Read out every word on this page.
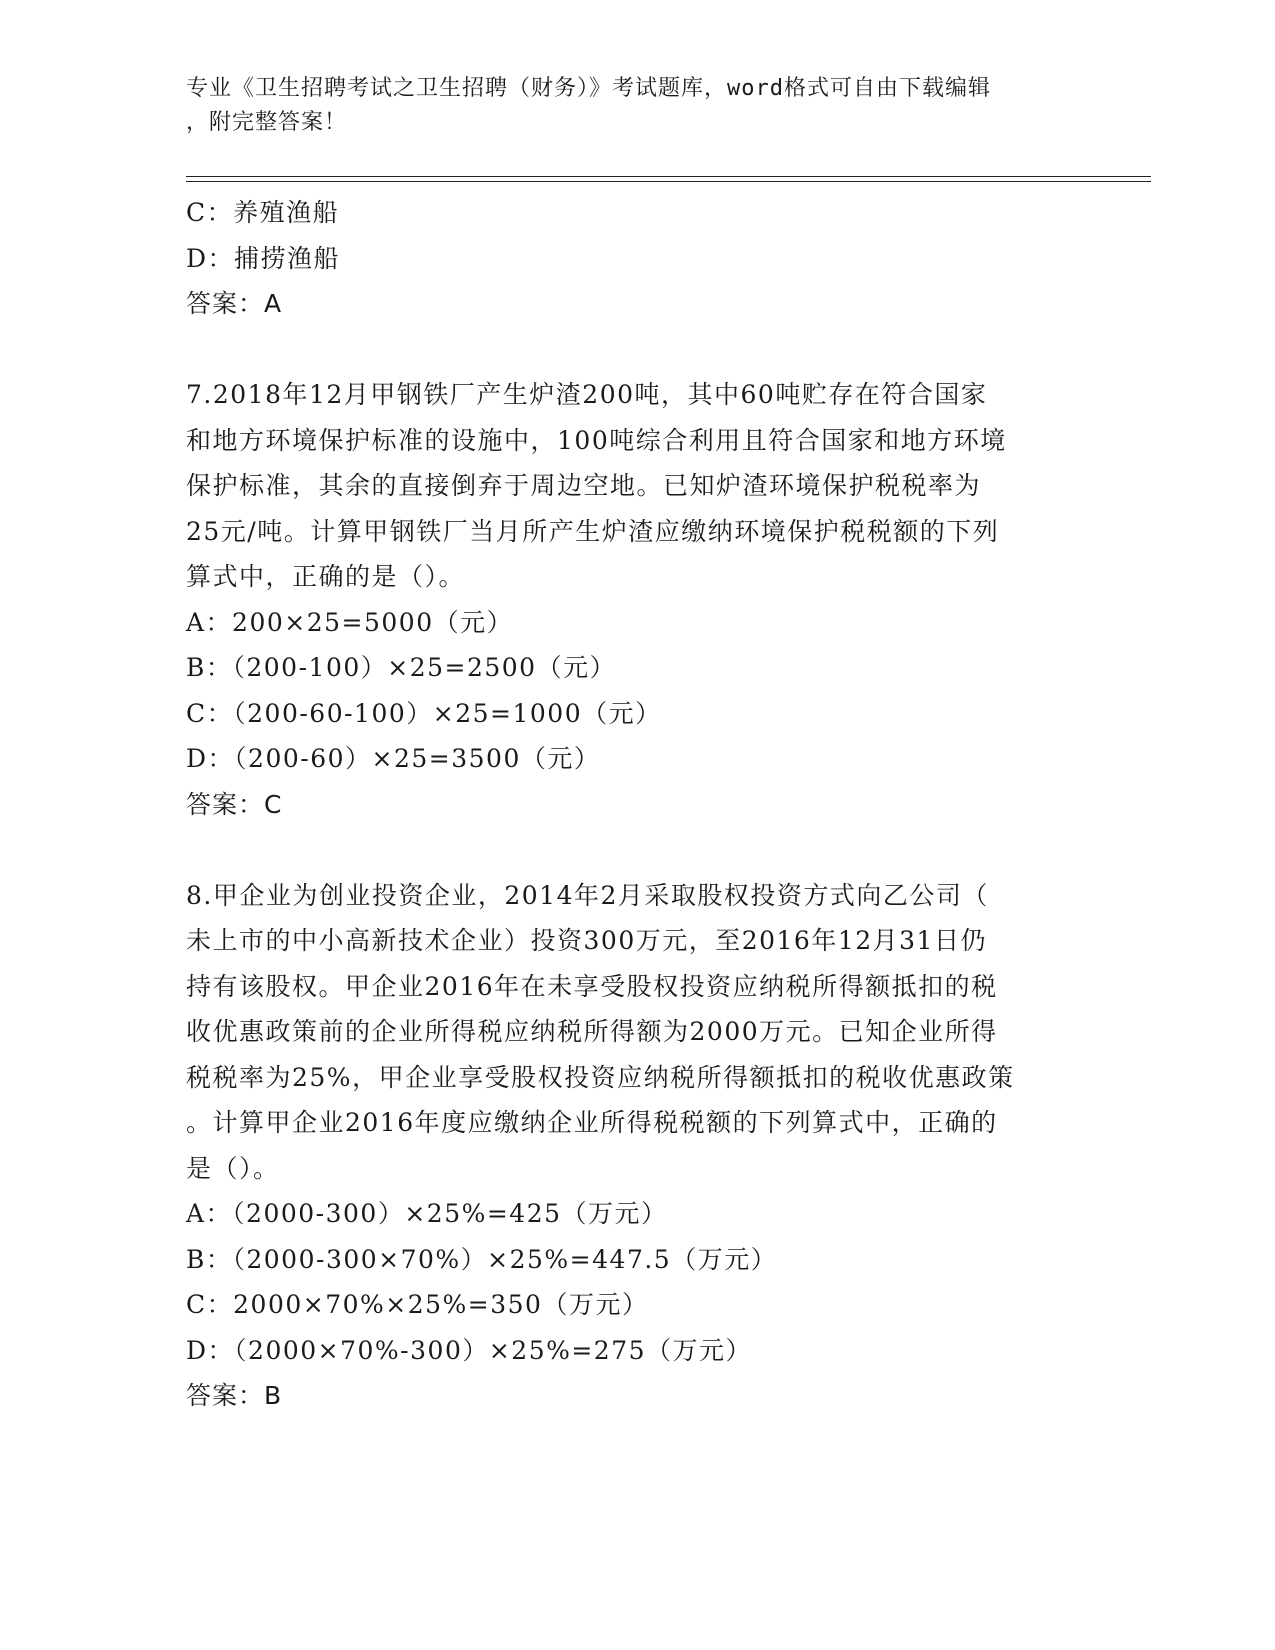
专业《卫生招聘考试之卫生招聘（财务）》考试题库，word格式可自由下载编辑
，附完整答案！
C：养殖渔船
D：捕捞渔船
答案：A
7.2018年12月甲钢铁厂产生炉渣200吨，其中60吨贮存在符合国家
和地方环境保护标准的设施中，100吨综合利用且符合国家和地方环境
保护标准，其余的直接倒弃于周边空地。已知炉渣环境保护税税率为
25元/吨。计算甲钢铁厂当月所产生炉渣应缴纳环境保护税税额的下列
算式中，正确的是（）。
A：200×25=5000（元）
B：（200-100）×25=2500（元）
C：（200-60-100）×25=1000（元）
D：（200-60）×25=3500（元）
答案：C
8.甲企业为创业投资企业，2014年2月采取股权投资方式向乙公司（
未上市的中小高新技术企业）投资300万元，至2016年12月31日仍
持有该股权。甲企业2016年在未享受股权投资应纳税所得额抵扣的税
收优惠政策前的企业所得税应纳税所得额为2000万元。已知企业所得
税税率为25%，甲企业享受股权投资应纳税所得额抵扣的税收优惠政策
。计算甲企业2016年度应缴纳企业所得税税额的下列算式中，正确的
是（）。
A：（2000-300）×25%=425（万元）
B：（2000-300×70%）×25%=447.5（万元）
C：2000×70%×25%=350（万元）
D：（2000×70%-300）×25%=275（万元）
答案：B
